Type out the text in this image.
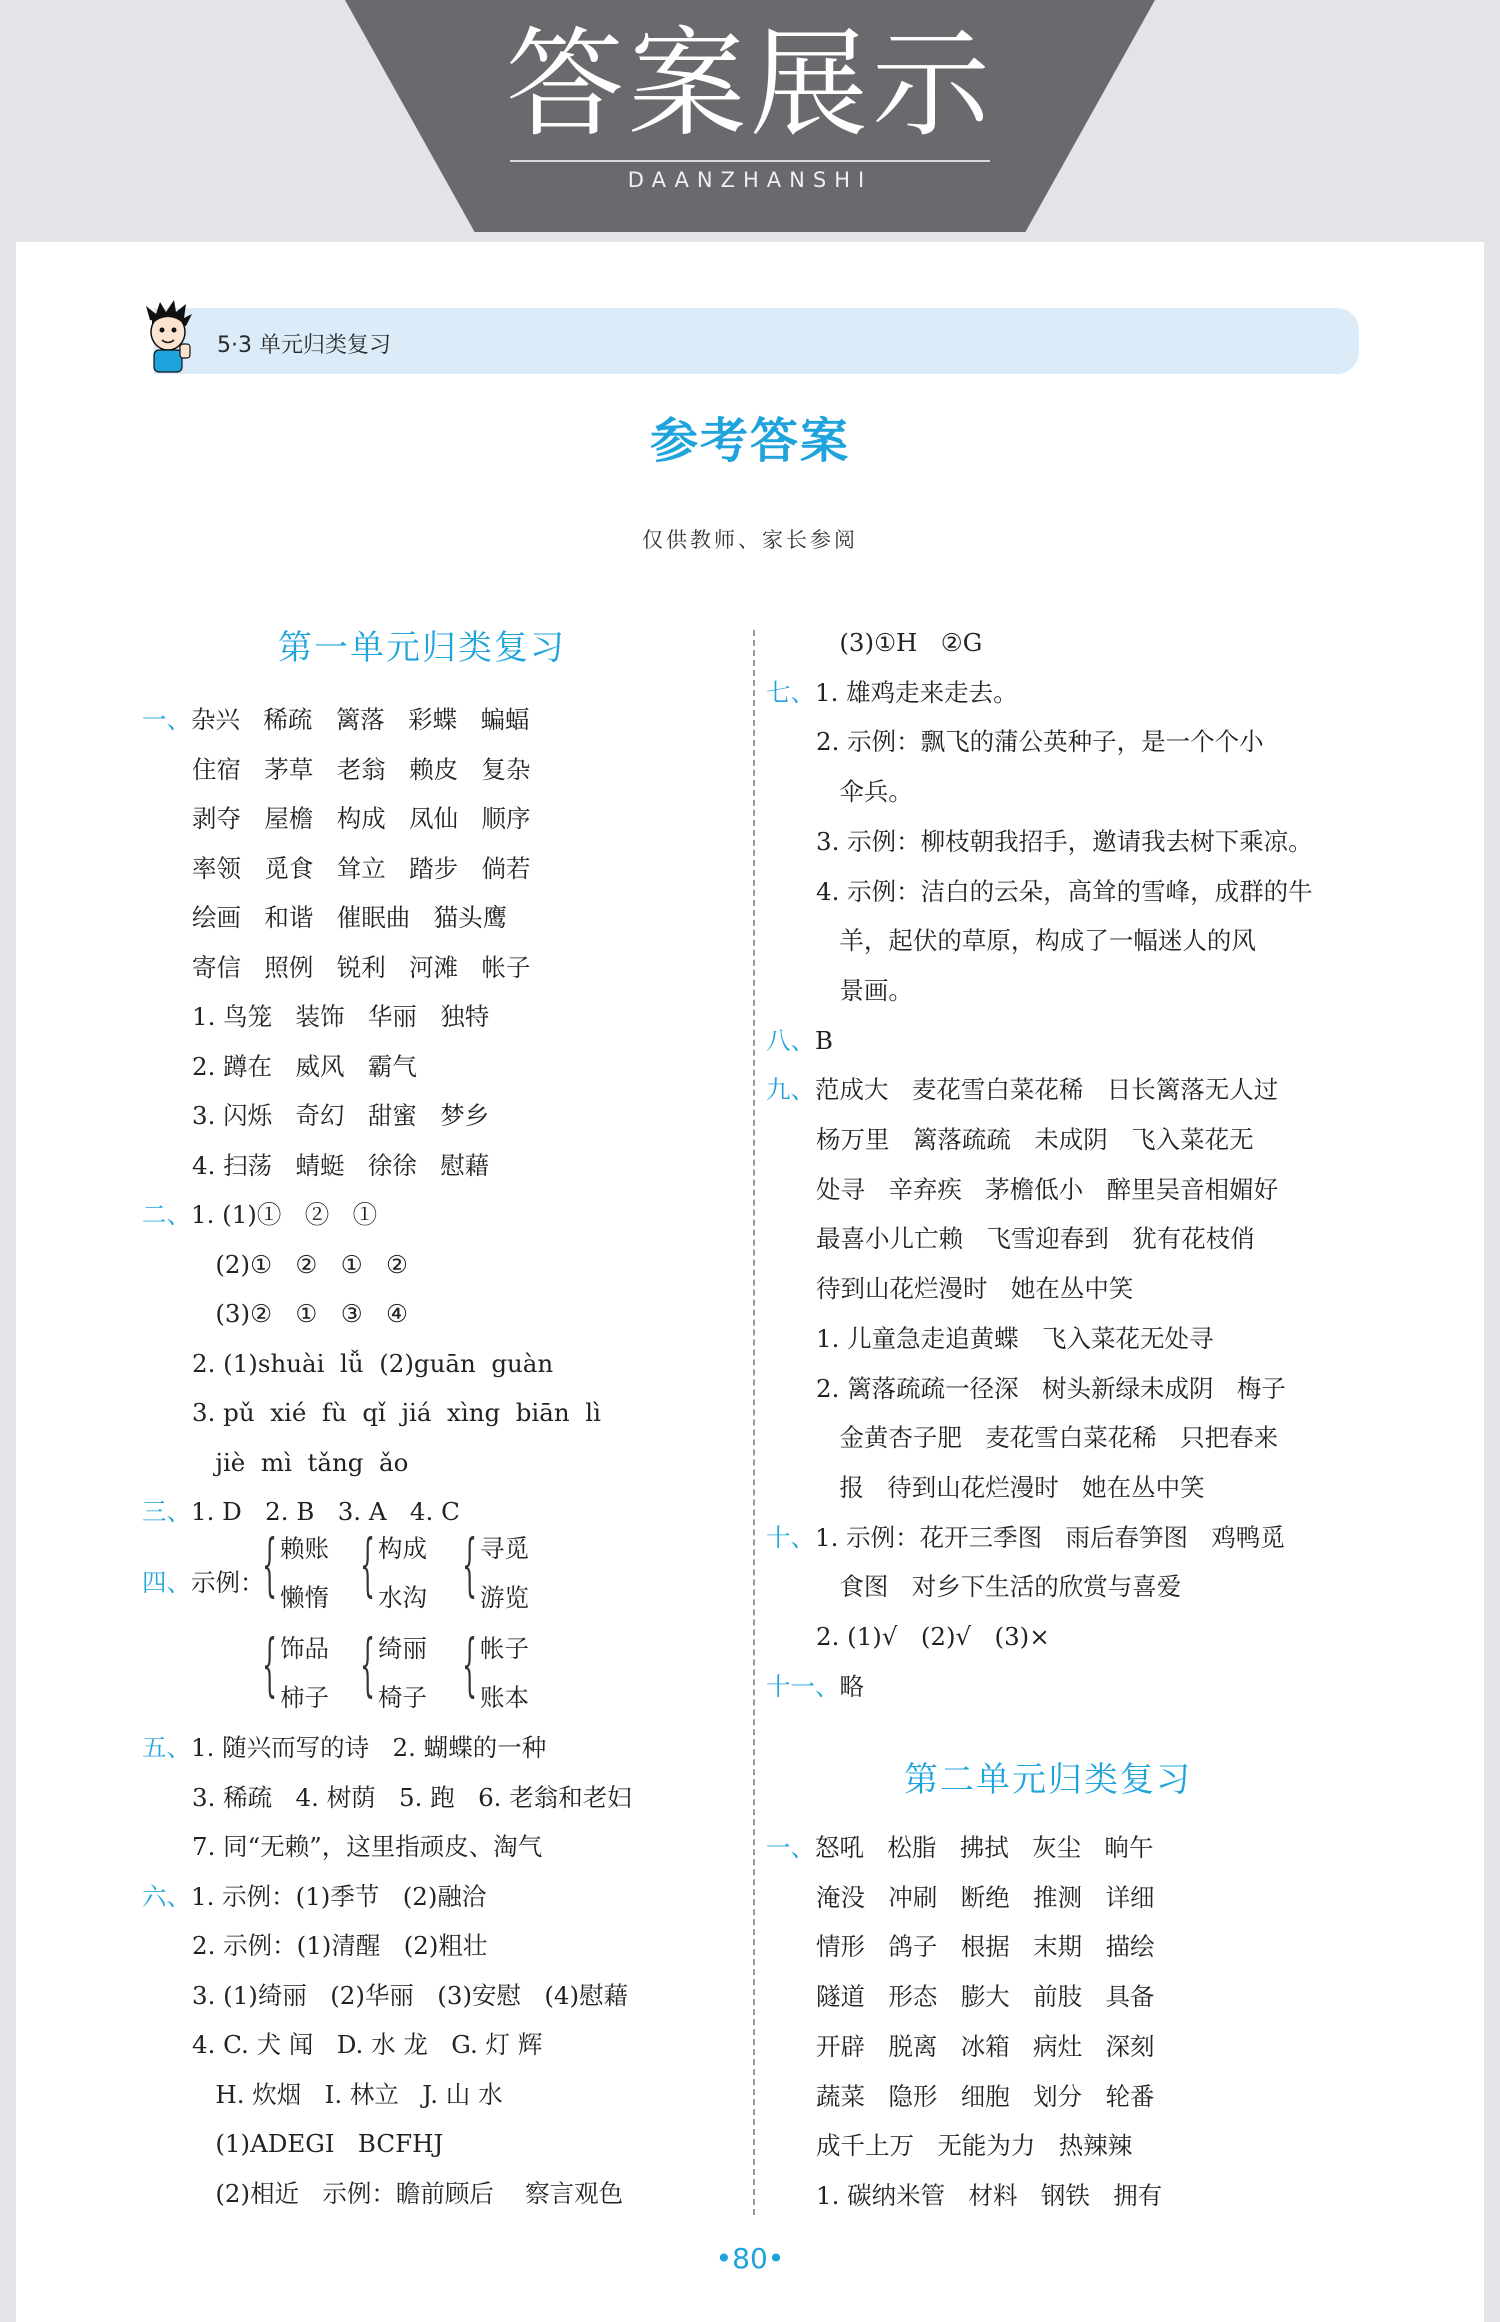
答案展示
DAANZHANSHI
5·3 单元归类复习
参考答案
仅供教师、家长参阅
第一单元归类复习
一、杂兴   稀疏   篱落   彩蝶   蝙蝠
住宿   茅草   老翁   赖皮   复杂
剥夺   屋檐   构成   凤仙   顺序
率领   觅食   耸立   踏步   倘若
绘画   和谐   催眠曲   猫头鹰
寄信   照例   锐利   河滩   帐子
1. 鸟笼   装饰   华丽   独特
2. 蹲在   威风   霸气
3. 闪烁   奇幻   甜蜜   梦乡
4. 扫荡   蜻蜓   徐徐   慰藉
二、1. (1)①   ②   ①
(2)①   ②   ①   ②
(3)②   ①   ③   ④
2. (1)shuài  lǚ  (2)guān  guàn
3. pǔ  xié  fù  qǐ  jiá  xìng  biān  lì
jiè  mì  tǎng  ǎo
三、1. D   2. B   3. A   4. C
四、示例：
{ 赖账
懒惰 { 构成
水沟 { 寻觅
游览
{ 饰品
柿子 { 绮丽
椅子 { 帐子
账本
五、1. 随兴而写的诗   2. 蝴蝶的一种
3. 稀疏   4. 树荫   5. 跑   6. 老翁和老妇
7. 同“无赖”，这里指顽皮、淘气
六、1. 示例：(1)季节   (2)融洽
2. 示例：(1)清醒   (2)粗壮
3. (1)绮丽   (2)华丽   (3)安慰   (4)慰藉
4. C. 犬 闻   D. 水 龙   G. 灯 辉
H. 炊烟   I. 林立   J. 山 水
(1)ADEGI   BCFHJ
(2)相近   示例：瞻前顾后    察言观色
(3)①H   ②G
七、1. 雄鸡走来走去。
2. 示例：飘飞的蒲公英种子，是一个个小
伞兵。
3. 示例：柳枝朝我招手，邀请我去树下乘凉。
4. 示例：洁白的云朵，高耸的雪峰，成群的牛
羊，起伏的草原，构成了一幅迷人的风
景画。
八、B
九、范成大   麦花雪白菜花稀   日长篱落无人过
杨万里   篱落疏疏   未成阴   飞入菜花无
处寻   辛弃疾   茅檐低小   醉里吴音相媚好
最喜小儿亡赖   飞雪迎春到   犹有花枝俏
待到山花烂漫时   她在丛中笑
1. 儿童急走追黄蝶   飞入菜花无处寻
2. 篱落疏疏一径深   树头新绿未成阴   梅子
金黄杏子肥   麦花雪白菜花稀   只把春来
报   待到山花烂漫时   她在丛中笑
十、1. 示例：花开三季图   雨后春笋图   鸡鸭觅
食图   对乡下生活的欣赏与喜爱
2. (1)√   (2)√   (3)×
十一、略
第二单元归类复习
一、怒吼   松脂   拂拭   灰尘   晌午
淹没   冲刷   断绝   推测   详细
情形   鸽子   根据   末期   描绘
隧道   形态   膨大   前肢   具备
开辟   脱离   冰箱   病灶   深刻
蔬菜   隐形   细胞   划分   轮番
成千上万   无能为力   热辣辣
1. 碳纳米管   材料   钢铁   拥有
•80•
